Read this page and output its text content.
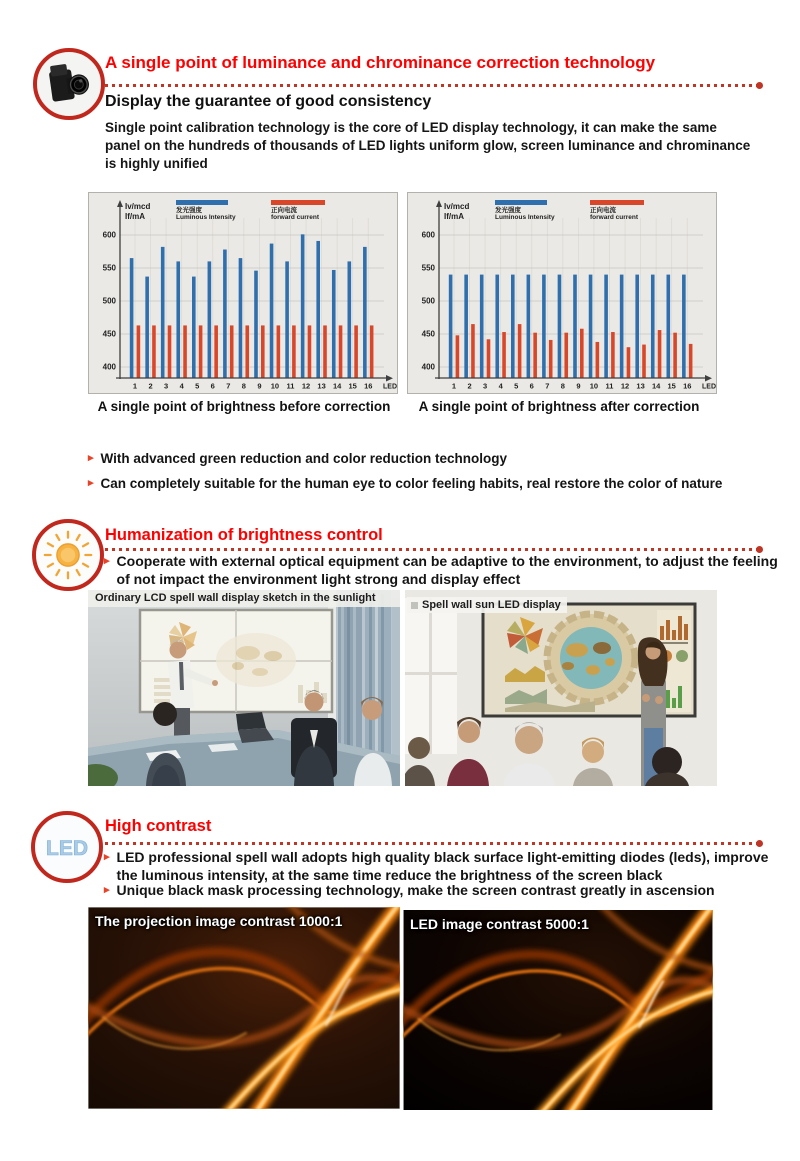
A single point of luminance and chrominance correction technology
Display the guarantee of good consistency
Single point calibration technology is the core of LED display technology, it can make the same panel on the hundreds of thousands of LED lights uniform glow, screen luminance and chrominance is highly unified
400
450
500
550
600
Iv/mcd
If/mA
发光强度
Luminous Intensity
正向电流
forward current
1 2 3 4 5 6 7 8 9 10 11 12 13 14 15 16 LED
400
450
500
550
600
Iv/mcd
If/mA
发光强度
Luminous Intensity
正向电流
forward current
1 2 3 4 5 6 7 8 9 10 11 12 13 14 15 16 LED
A single point of brightness before correction	A single point of brightness after correction
▸ With advanced green reduction and color reduction technology
▸ Can completely suitable for the human eye to color feeling habits, real restore the color of nature
Humanization of brightness control
▸ Cooperate with external optical equipment can be adaptive to the environment, to adjust the feeling of not impact the environment light strong and display effect
Ordinary LCD spell wall display sketch in the sunlight
Spell wall sun LED display
LED
High contrast
▸ LED professional spell wall adopts high quality black surface light-emitting diodes (leds), improve the luminous intensity, at the same time reduce the brightness of the screen black
▸ Unique black mask processing technology, make the screen contrast greatly in ascension
The projection image contrast 1000:1	LED image contrast 5000:1
